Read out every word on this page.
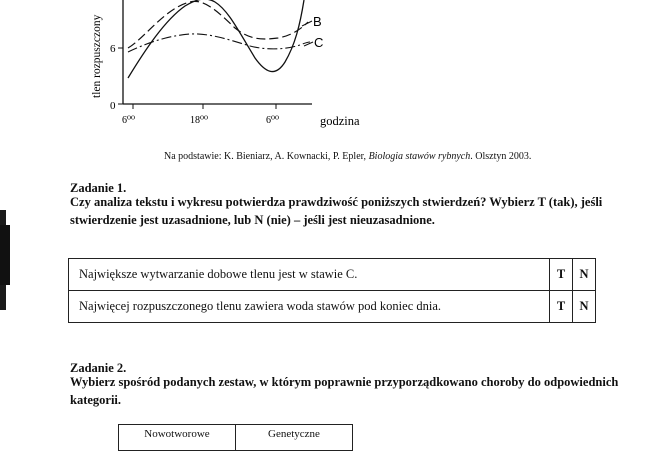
B
C
6
0
6⁰⁰	18⁰⁰	6⁰⁰	godzina
tlen rozpuszczony
Na podstawie: K. Bieniarz, A. Kownacki, P. Epler, Biologia stawów rybnych. Olsztyn 2003.
Zadanie 1.
Czy analiza tekstu i wykresu potwierdza prawdziwość poniższych stwierdzeń? Wybierz T (tak), jeśli stwierdzenie jest uzasadnione, lub N (nie) – jeśli jest nieuzasadnione.
Największe wytwarzanie dobowe tlenu jest w stawie C.	T	N
Najwięcej rozpuszczonego tlenu zawiera woda stawów pod koniec dnia.	T	N
Zadanie 2.
Wybierz spośród podanych zestaw, w którym poprawnie przyporządkowano choroby do odpowiednich kategorii.
Nowotworowe	Genetyczne
